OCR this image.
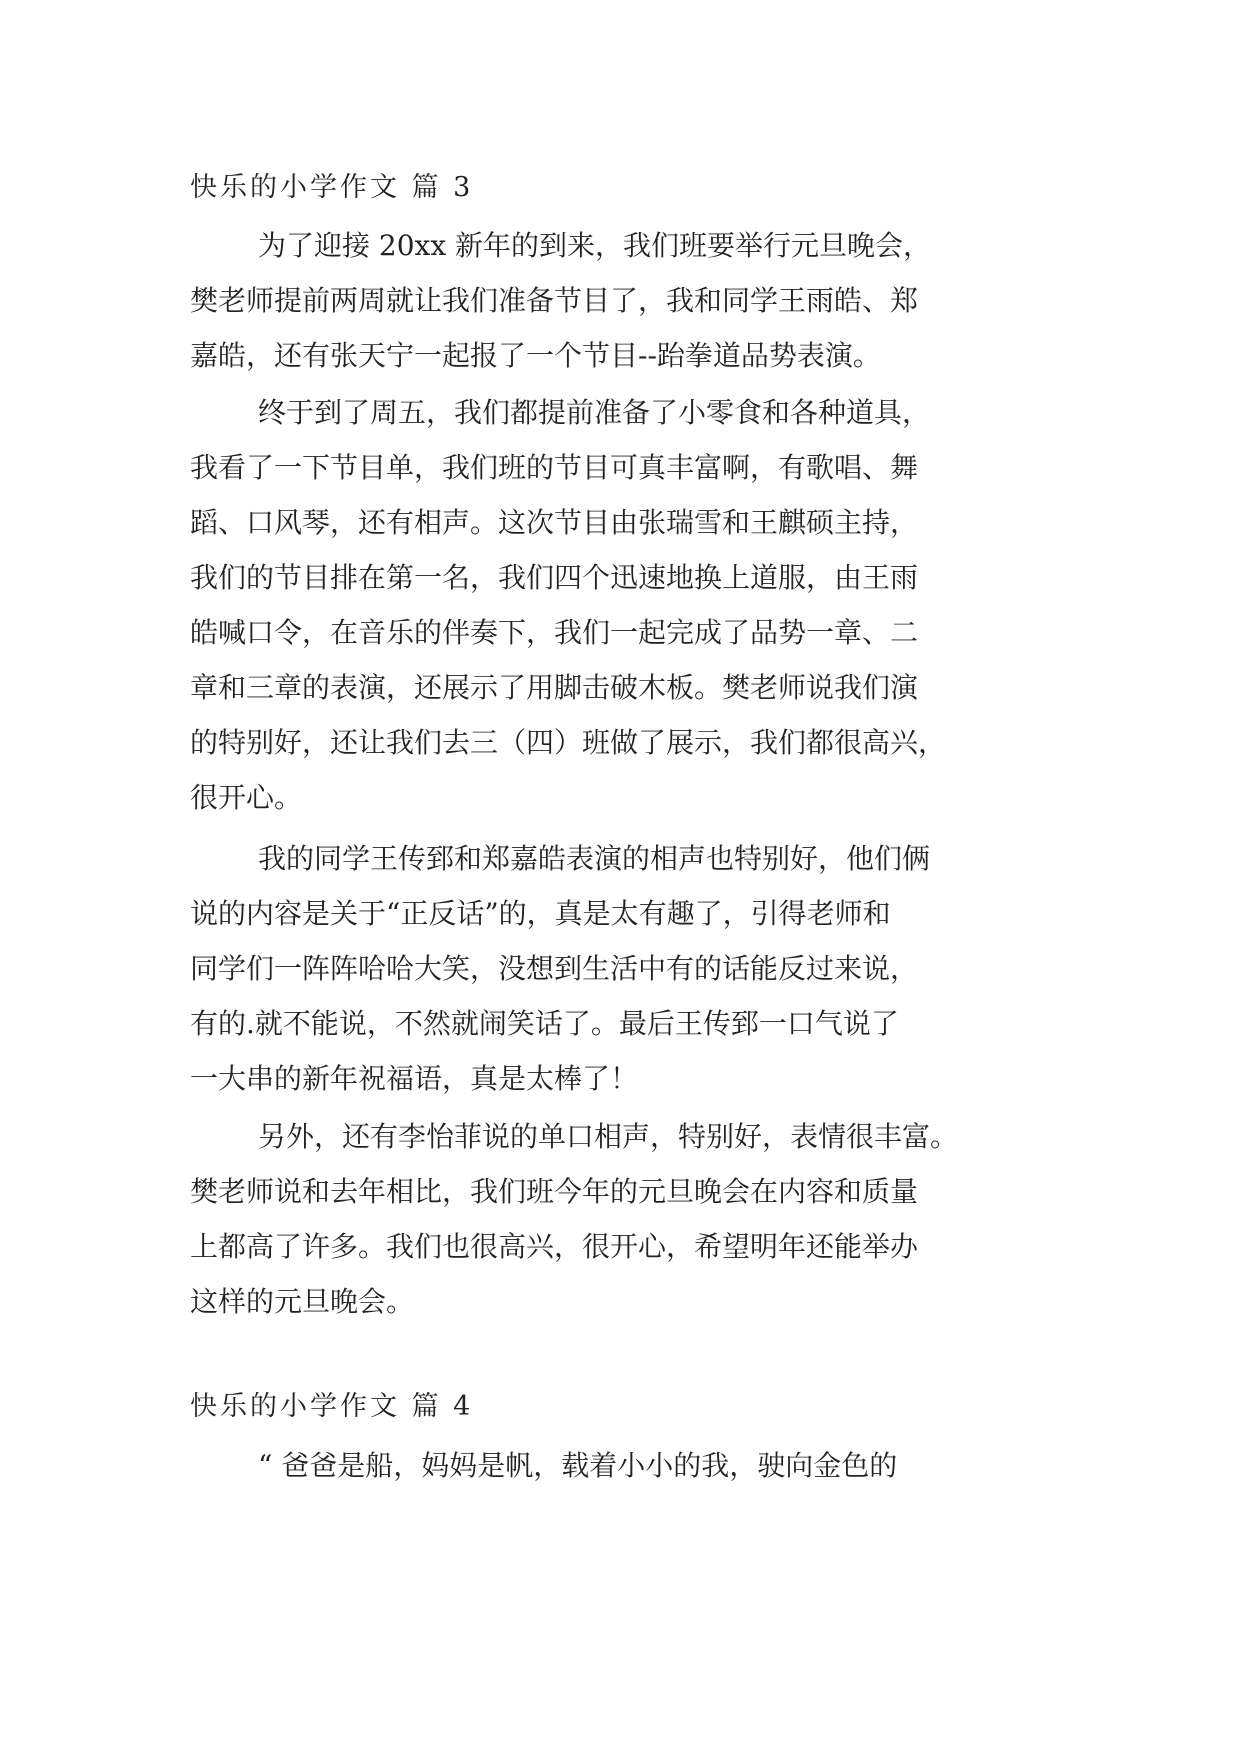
快乐的小学作文 篇 3
为了迎接 20xx 新年的到来，我们班要举行元旦晚会，
樊老师提前两周就让我们准备节目了，我和同学王雨皓、郑
嘉皓，还有张天宁一起报了一个节目--跆拳道品势表演。
终于到了周五，我们都提前准备了小零食和各种道具，
我看了一下节目单，我们班的节目可真丰富啊，有歌唱、舞
蹈、口风琴，还有相声。这次节目由张瑞雪和王麒硕主持，
我们的节目排在第一名，我们四个迅速地换上道服，由王雨
皓喊口令，在音乐的伴奏下，我们一起完成了品势一章、二
章和三章的表演，还展示了用脚击破木板。樊老师说我们演
的特别好，还让我们去三（四）班做了展示，我们都很高兴，
很开心。
我的同学王传郅和郑嘉皓表演的相声也特别好，他们俩
说的内容是关于“正反话”的，真是太有趣了，引得老师和
同学们一阵阵哈哈大笑，没想到生活中有的话能反过来说，
有的.就不能说，不然就闹笑话了。最后王传郅一口气说了
一大串的新年祝福语，真是太棒了！
另外，还有李怡菲说的单口相声，特别好，表情很丰富。
樊老师说和去年相比，我们班今年的元旦晚会在内容和质量
上都高了许多。我们也很高兴，很开心，希望明年还能举办
这样的元旦晚会。
快乐的小学作文 篇 4
“ 爸爸是船，妈妈是帆，载着小小的我，驶向金色的
